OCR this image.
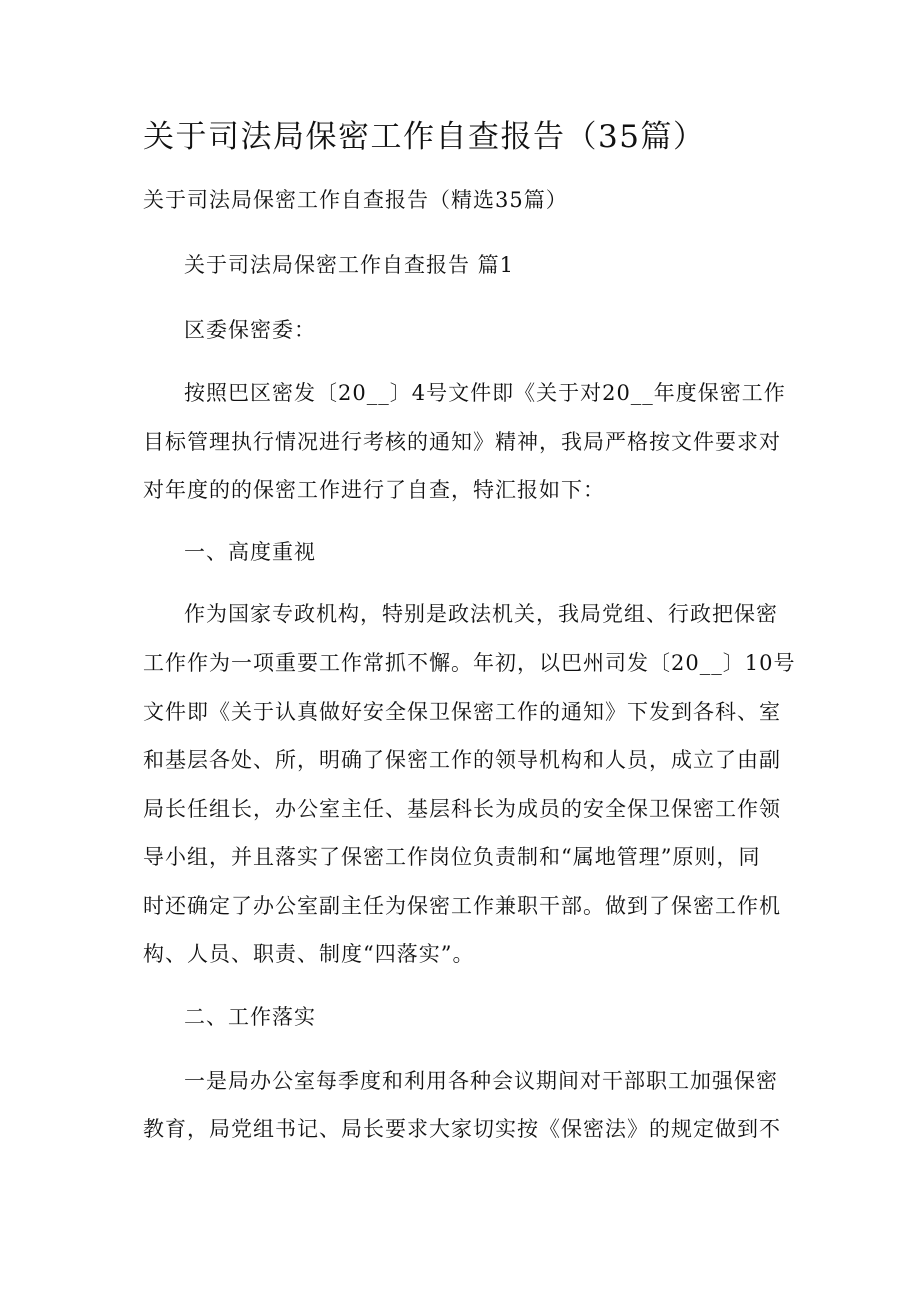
关于司法局保密工作自查报告（35篇）
关于司法局保密工作自查报告（精选35篇）
关于司法局保密工作自查报告 篇1
区委保密委：
按照巴区密发〔20__〕4号文件即《关于对20__年度保密工作
目标管理执行情况进行考核的通知》精神，我局严格按文件要求对
对年度的的保密工作进行了自查，特汇报如下：
一、高度重视
作为国家专政机构，特别是政法机关，我局党组、行政把保密
工作作为一项重要工作常抓不懈。年初，以巴州司发〔20__〕10号
文件即《关于认真做好安全保卫保密工作的通知》下发到各科、室
和基层各处、所，明确了保密工作的领导机构和人员，成立了由副
局长任组长，办公室主任、基层科长为成员的安全保卫保密工作领
导小组，并且落实了保密工作岗位负责制和“属地管理”原则，同
时还确定了办公室副主任为保密工作兼职干部。做到了保密工作机
构、人员、职责、制度“四落实”。
二、工作落实
一是局办公室每季度和利用各种会议期间对干部职工加强保密
教育，局党组书记、局长要求大家切实按《保密法》的规定做到不
